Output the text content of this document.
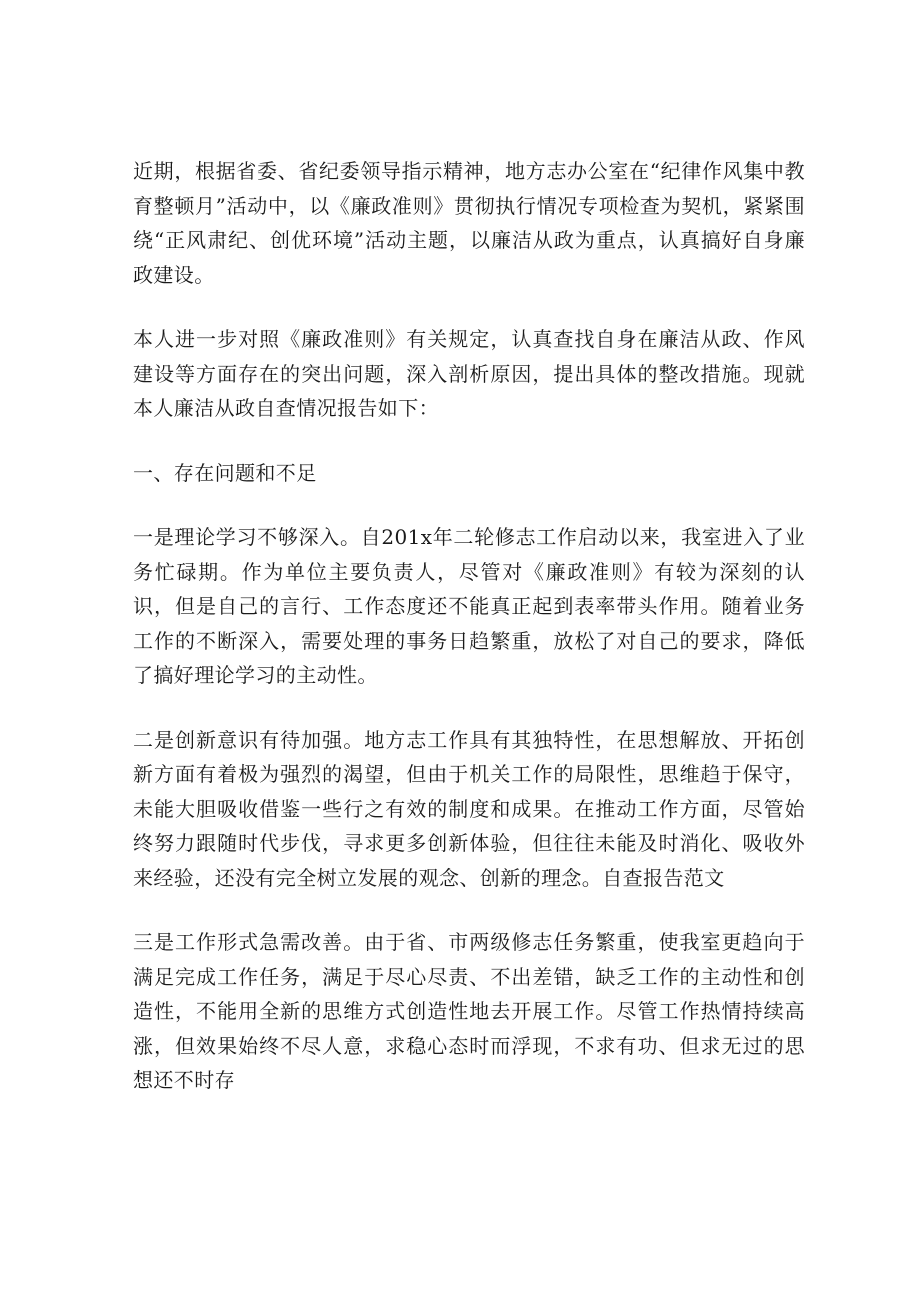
近期，根据省委、省纪委领导指示精神，地方志办公室在“纪律作风集中教育整顿月”活动中，以《廉政准则》贯彻执行情况专项检查为契机，紧紧围绕“正风肃纪、创优环境”活动主题，以廉洁从政为重点，认真搞好自身廉政建设。

本人进一步对照《廉政准则》有关规定，认真查找自身在廉洁从政、作风建设等方面存在的突出问题，深入剖析原因，提出具体的整改措施。现就本人廉洁从政自查情况报告如下：

一、存在问题和不足

一是理论学习不够深入。自201x年二轮修志工作启动以来，我室进入了业务忙碌期。作为单位主要负责人，尽管对《廉政准则》有较为深刻的认识，但是自己的言行、工作态度还不能真正起到表率带头作用。随着业务工作的不断深入，需要处理的事务日趋繁重，放松了对自己的要求，降低了搞好理论学习的主动性。

二是创新意识有待加强。地方志工作具有其独特性，在思想解放、开拓创新方面有着极为强烈的渴望，但由于机关工作的局限性，思维趋于保守，未能大胆吸收借鉴一些行之有效的制度和成果。在推动工作方面，尽管始终努力跟随时代步伐，寻求更多创新体验，但往往未能及时消化、吸收外来经验，还没有完全树立发展的观念、创新的理念。自查报告范文

三是工作形式急需改善。由于省、市两级修志任务繁重，使我室更趋向于满足完成工作任务，满足于尽心尽责、不出差错，缺乏工作的主动性和创造性，不能用全新的思维方式创造性地去开展工作。尽管工作热情持续高涨，但效果始终不尽人意，求稳心态时而浮现，不求有功、但求无过的思想还不时存
